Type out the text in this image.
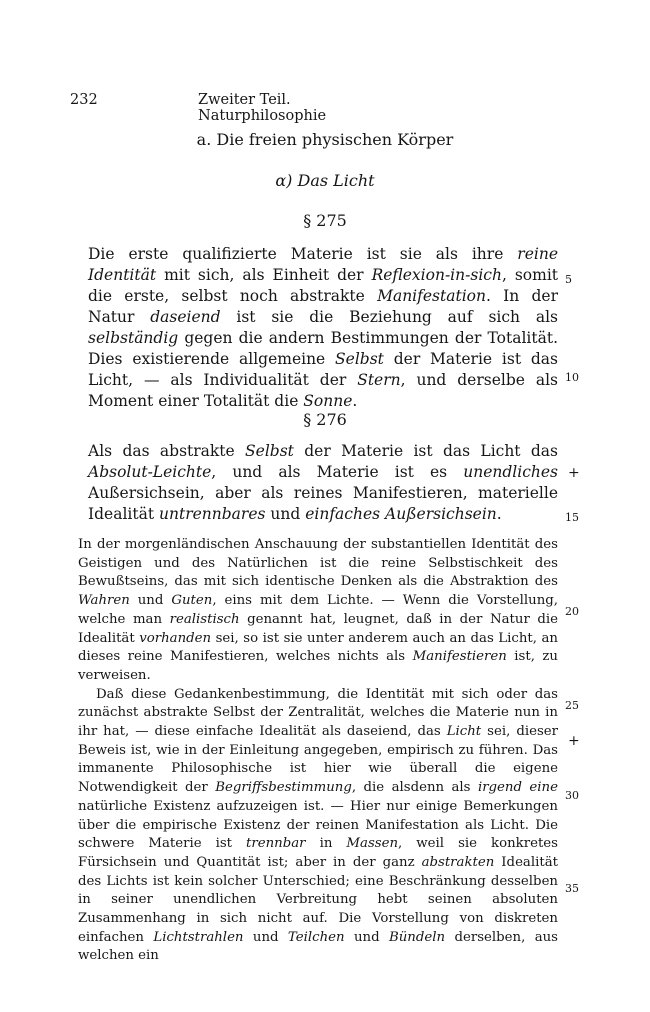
232	Zweiter Teil. Naturphilosophie
a. Die freien physischen Körper
α) Das Licht
§ 275

Die erste qualifizierte Materie ist sie als ihre reine Identität mit sich, als Einheit der Reflexion-in-sich, somit die erste, selbst noch abstrakte Manifestation. In der Natur daseiend ist sie die Beziehung auf sich als selbständig gegen die andern Bestimmungen der Totalität. Dies existierende allgemeine Selbst der Materie ist das Licht, — als Individualität der Stern, und derselbe als Moment einer Totalität die Sonne.

§ 276

Als das abstrakte Selbst der Materie ist das Licht das Absolut-Leichte, und als Materie ist es unendliches Außersichsein, aber als reines Manifestieren, materielle Idealität untrennbares und einfaches Außersichsein.

In der morgenländischen Anschauung der substantiellen Identität des Geistigen und des Natürlichen ist die reine Selbstischkeit des Bewußtseins, das mit sich identische Denken als die Abstraktion des Wahren und Guten, eins mit dem Lichte. — Wenn die Vorstellung, welche man realistisch genannt hat, leugnet, daß in der Natur die Idealität vorhanden sei, so ist sie unter anderem auch an das Licht, an dieses reine Manifestieren, welches nichts als Manifestieren ist, zu verweisen.

Daß diese Gedankenbestimmung, die Identität mit sich oder das zunächst abstrakte Selbst der Zentralität, welches die Materie nun in ihr hat, — diese einfache Idealität als daseiend, das Licht sei, dieser Beweis ist, wie in der Einleitung angegeben, empirisch zu führen. Das immanente Philosophische ist hier wie überall die eigene Notwendigkeit der Begriffsbestimmung, die alsdenn als irgend eine natürliche Existenz aufzuzeigen ist. — Hier nur einige Bemerkungen über die empirische Existenz der reinen Manifestation als Licht. Die schwere Materie ist trennbar in Massen, weil sie konkretes Fürsichsein und Quantität ist; aber in der ganz abstrakten Idealität des Lichts ist kein solcher Unterschied; eine Beschränkung desselben in seiner unendlichen Verbreitung hebt seinen absoluten Zusammenhang in sich nicht auf. Die Vorstellung von diskreten einfachen Lichtstrahlen und Teilchen und Bündeln derselben, aus welchen ein

5
10
+
15
20
25
+
30
35
